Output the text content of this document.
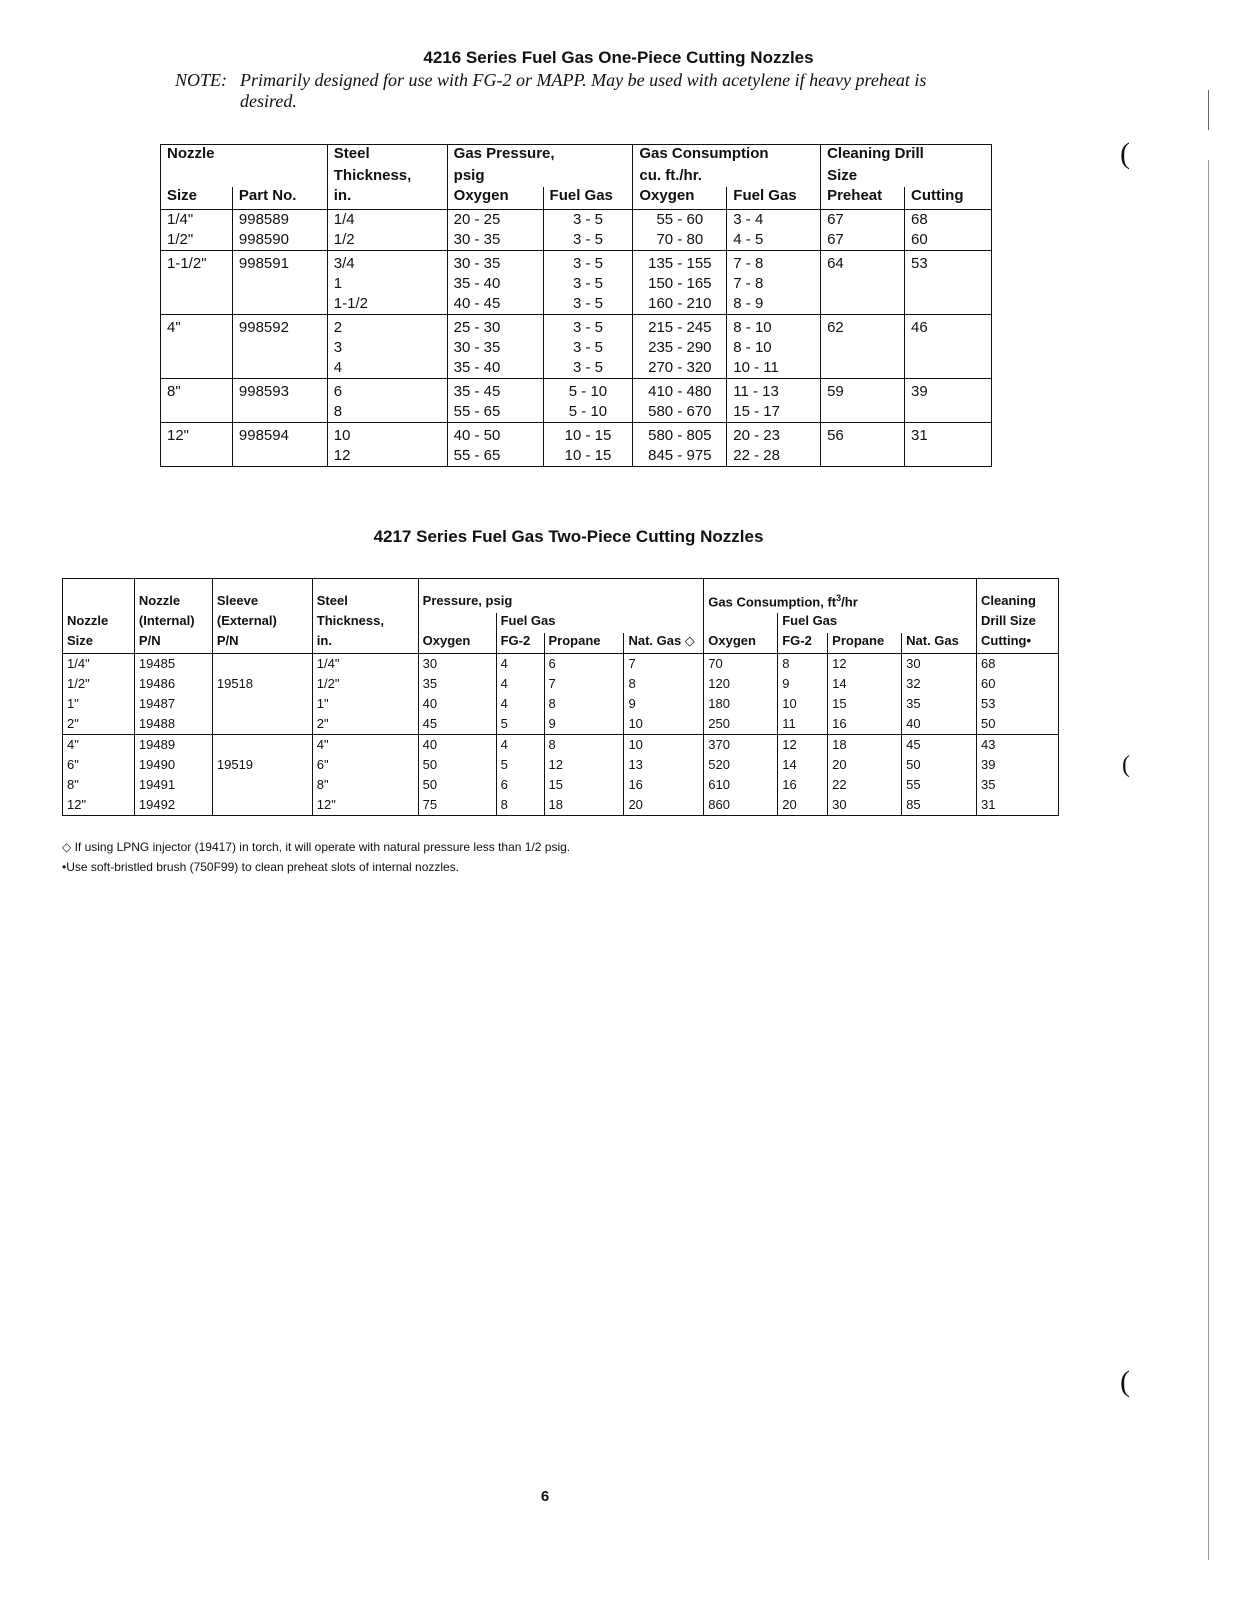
4216 Series Fuel Gas One-Piece Cutting Nozzles
NOTE: Primarily designed for use with FG-2 or MAPP. May be used with acetylene if heavy preheat is
desired.
Nozzle		Steel	Gas Pressure,		Gas Consumption		Cleaning Drill	
		Thickness,	psig		cu. ft./hr.		Size	
Size	Part No.	in.	Oxygen	Fuel Gas	Oxygen	Fuel Gas	Preheat	Cutting
1/4"	998589	1/4	20 - 25	3 - 5	55 - 60	3 - 4	67	68
1/2"	998590	1/2	30 - 35	3 - 5	70 - 80	4 - 5	67	60
1-1/2"	998591	3/4	30 - 35	3 - 5	135 - 155	7 - 8	64	53
		1	35 - 40	3 - 5	150 - 165	7 - 8		
		1-1/2	40 - 45	3 - 5	160 - 210	8 - 9		
4"	998592	2	25 - 30	3 - 5	215 - 245	8 - 10	62	46
		3	30 - 35	3 - 5	235 - 290	8 - 10		
		4	35 - 40	3 - 5	270 - 320	10 - 11		
8"	998593	6	35 - 45	5 - 10	410 - 480	11 - 13	59	39
		8	55 - 65	5 - 10	580 - 670	15 - 17		
12"	998594	10	40 - 50	10 - 15	580 - 805	20 - 23	56	31
		12	55 - 65	10 - 15	845 - 975	22 - 28		
4217 Series Fuel Gas Two-Piece Cutting Nozzles
	Nozzle	Sleeve	Steel	Pressure, psig				Gas Consumption, $ft^3/hr$				Cleaning
Nozzle	(Internal)	(External)	Thickness,		Fuel Gas				Fuel Gas			Drill Size
Size	P/N	P/N	in.	Oxygen	FG-2	Propane	Nat. Gas ◇	Oxygen	FG-2	Propane	Nat. Gas	Cutting•
1/4"	19485		1/4"	30	4	6	7	70	8	12	30	68
1/2"	19486	19518	1/2"	35	4	7	8	120	9	14	32	60
1"	19487		1"	40	4	8	9	180	10	15	35	53
2"	19488		2"	45	5	9	10	250	11	16	40	50
4"	19489		4"	40	4	8	10	370	12	18	45	43
6"	19490	19519	6"	50	5	12	13	520	14	20	50	39
8"	19491		8"	50	6	15	16	610	16	22	55	35
12"	19492		12"	75	8	18	20	860	20	30	85	31
◇ If using LPNG injector (19417) in torch, it will operate with natural pressure less than 1/2 psig.
•Use soft-bristled brush (750F99) to clean preheat slots of internal nozzles.
6
(
(
(
